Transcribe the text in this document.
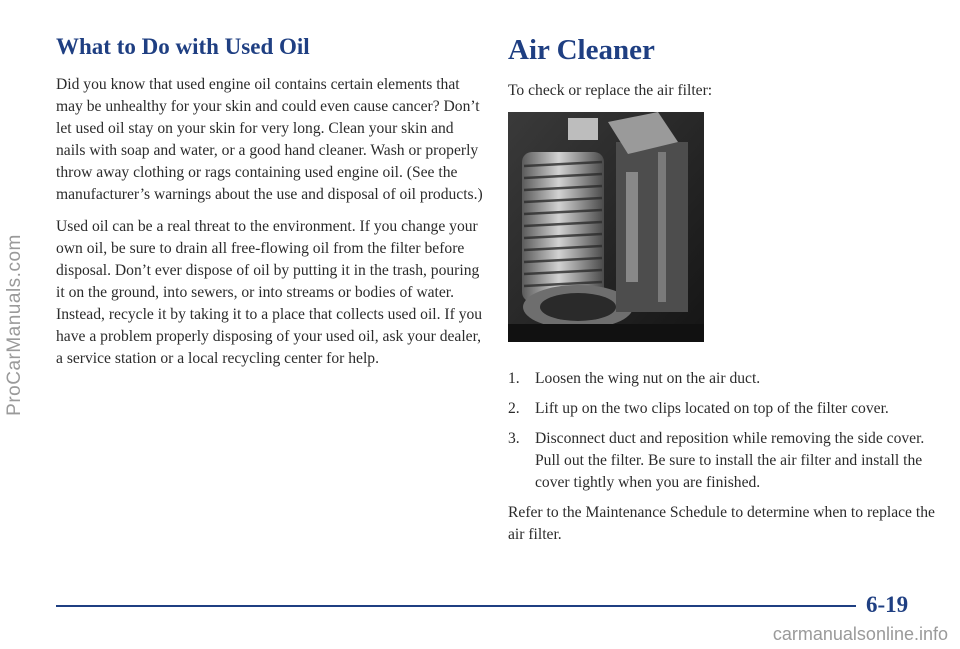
ProCarManuals.com
What to Do with Used Oil

Did you know that used engine oil contains certain elements that may be unhealthy for your skin and could even cause cancer? Don’t let used oil stay on your skin for very long. Clean your skin and nails with soap and water, or a good hand cleaner. Wash or properly throw away clothing or rags containing used engine oil. (See the manufacturer’s warnings about the use and disposal of oil products.)

Used oil can be a real threat to the environment. If you change your own oil, be sure to drain all free-flowing oil from the filter before disposal. Don’t ever dispose of oil by putting it in the trash, pouring it on the ground, into sewers, or into streams or bodies of water. Instead, recycle it by taking it to a place that collects used oil. If you have a problem properly disposing of your used oil, ask your dealer, a service station or a local recycling center for help.

Air Cleaner

To check or replace the air filter:

1. Loosen the wing nut on the air duct.
2. Lift up on the two clips located on top of the filter cover.
3. Disconnect duct and reposition while removing the side cover. Pull out the filter. Be sure to install the air filter and install the cover tightly when you are finished.

Refer to the Maintenance Schedule to determine when to replace the air filter.

6-19
carmanualsonline.info
